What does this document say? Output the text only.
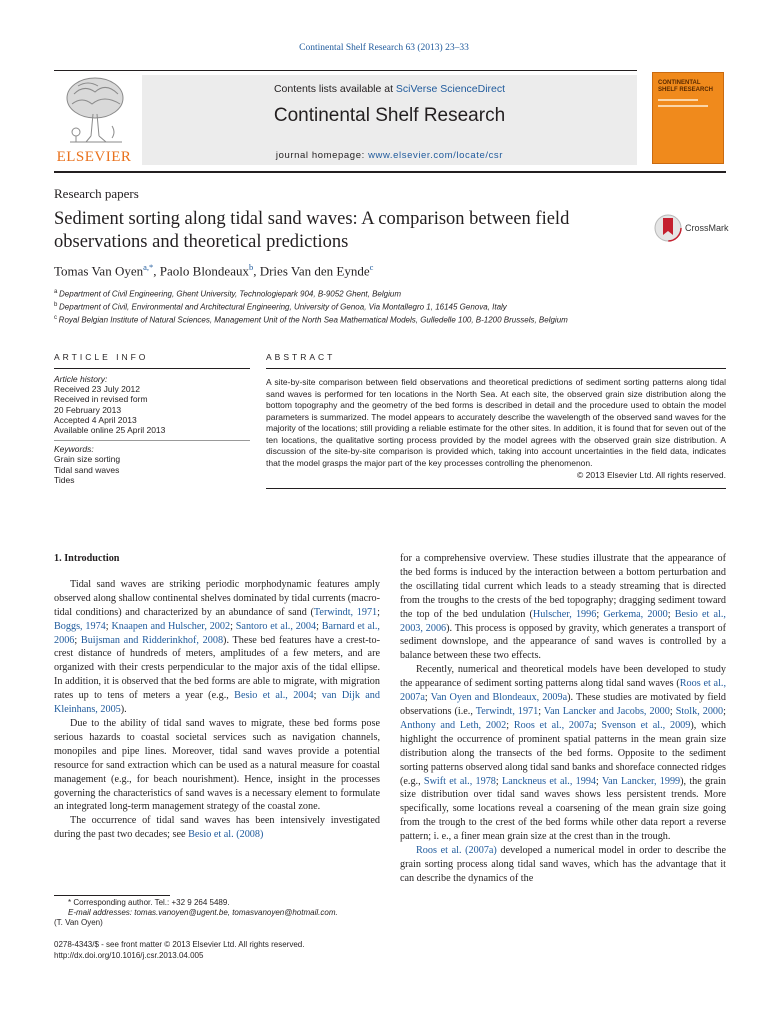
Continental Shelf Research 63 (2013) 23–33
ELSEVIER
Contents lists available at SciVerse ScienceDirect
Continental Shelf Research
journal homepage: www.elsevier.com/locate/csr
CONTINENTAL SHELF RESEARCH
Research papers
Sediment sorting along tidal sand waves: A comparison between field observations and theoretical predictions
CrossMark
Tomas Van Oyen$^{a,*}$, Paolo Blondeaux$^b$, Dries Van den Eynde$^c$
$^a$ Department of Civil Engineering, Ghent University, Technologiepark 904, B-9052 Ghent, Belgium
$^b$ Department of Civil, Environmental and Architectural Engineering, University of Genoa, Via Montallegro 1, 16145 Genova, Italy
$^c$ Royal Belgian Institute of Natural Sciences, Management Unit of the North Sea Mathematical Models, Gulledelle 100, B-1200 Brussels, Belgium
ARTICLE INFO	ABSTRACT
Article history:
Received 23 July 2012
Received in revised form
20 February 2013
Accepted 4 April 2013
Available online 25 April 2013
Keywords:
Grain size sorting
Tidal sand waves
Tides
A site-by-site comparison between field observations and theoretical predictions of sediment sorting patterns along tidal sand waves is performed for ten locations in the North Sea. At each site, the observed grain size distribution along the bottom topography and the geometry of the bed forms is described in detail and the procedure used to obtain the model parameters is summarized. The model appears to accurately describe the wavelength of the observed sand waves for the majority of the locations; still providing a reliable estimate for the other sites. In addition, it is found that for seven out of the ten locations, the qualitative sorting process provided by the model agrees with the observed grain size distribution. A discussion of the site-by-site comparison is provided which, taking into account uncertainties in the field data, indicates that the model grasps the major part of the key processes controlling the phenomenon.
© 2013 Elsevier Ltd. All rights reserved.

1. Introduction

Tidal sand waves are striking periodic morphodynamic features amply observed along shallow continental shelves dominated by tidal currents (macro-tidal conditions) and characterized by an abundance of sand (Terwindt, 1971; Boggs, 1974; Knaapen and Hulscher, 2002; Santoro et al., 2004; Barnard et al., 2006; Buijsman and Ridderinkhof, 2008). These bed features have a crest-to-crest distance of hundreds of meters, amplitudes of a few meters, and are organized with their crests perpendicular to the major axis of the tidal ellipse. In addition, it is observed that the bed forms are able to migrate, with migration rates up to tens of meters a year (e.g., Besio et al., 2004; van Dijk and Kleinhans, 2005).

Due to the ability of tidal sand waves to migrate, these bed forms pose serious hazards to coastal societal services such as navigation channels, monopiles and pipe lines. Moreover, tidal sand waves provide a potential resource for sand extraction which can be used as a natural measure for coastal management (e.g., for beach nourishment). Hence, insight in the processes governing the characteristics of sand waves is a necessary element to formulate an integrated long-term management strategy of the coastal zone.

The occurrence of tidal sand waves has been intensively investigated during the past two decades; see Besio et al. (2008)

for a comprehensive overview. These studies illustrate that the appearance of the bed forms is induced by the interaction between a bottom perturbation and the oscillating tidal current which leads to a steady streaming that is directed from the troughs to the crests of the bed topography; dragging sediment toward the top of the bed undulation (Hulscher, 1996; Gerkema, 2000; Besio et al., 2003, 2006). This process is opposed by gravity, which generates a transport of sediment downslope, and the appearance of sand waves is controlled by a balance between these two effects.

Recently, numerical and theoretical models have been developed to study the appearance of sediment sorting patterns along tidal sand waves (Roos et al., 2007a; Van Oyen and Blondeaux, 2009a). These studies are motivated by field observations (i.e., Terwindt, 1971; Van Lancker and Jacobs, 2000; Stolk, 2000; Anthony and Leth, 2002; Roos et al., 2007a; Svenson et al., 2009), which highlight the occurrence of prominent spatial patterns in the mean grain size distribution along the transects of the bed forms. Opposite to the sediment sorting patterns observed along tidal sand banks and shoreface connected ridges (e.g., Swift et al., 1978; Lanckneus et al., 1994; Van Lancker, 1999), the grain size distribution over tidal sand waves shows less persistent trends. More specifically, some locations reveal a coarsening of the mean grain size going from the trough to the crest of the bed forms while other data report a reverse pattern; i. e., a finer mean grain size at the crest than in the trough.

Roos et al. (2007a) developed a numerical model in order to describe the grain sorting process along tidal sand waves, which has the advantage that it can describe the dynamics of the

* Corresponding author. Tel.: +32 9 264 5489.
E-mail addresses: tomas.vanoyen@ugent.be, tomasvanoyen@hotmail.com.
(T. Van Oyen)
0278-4343/$ - see front matter © 2013 Elsevier Ltd. All rights reserved.
http://dx.doi.org/10.1016/j.csr.2013.04.005
